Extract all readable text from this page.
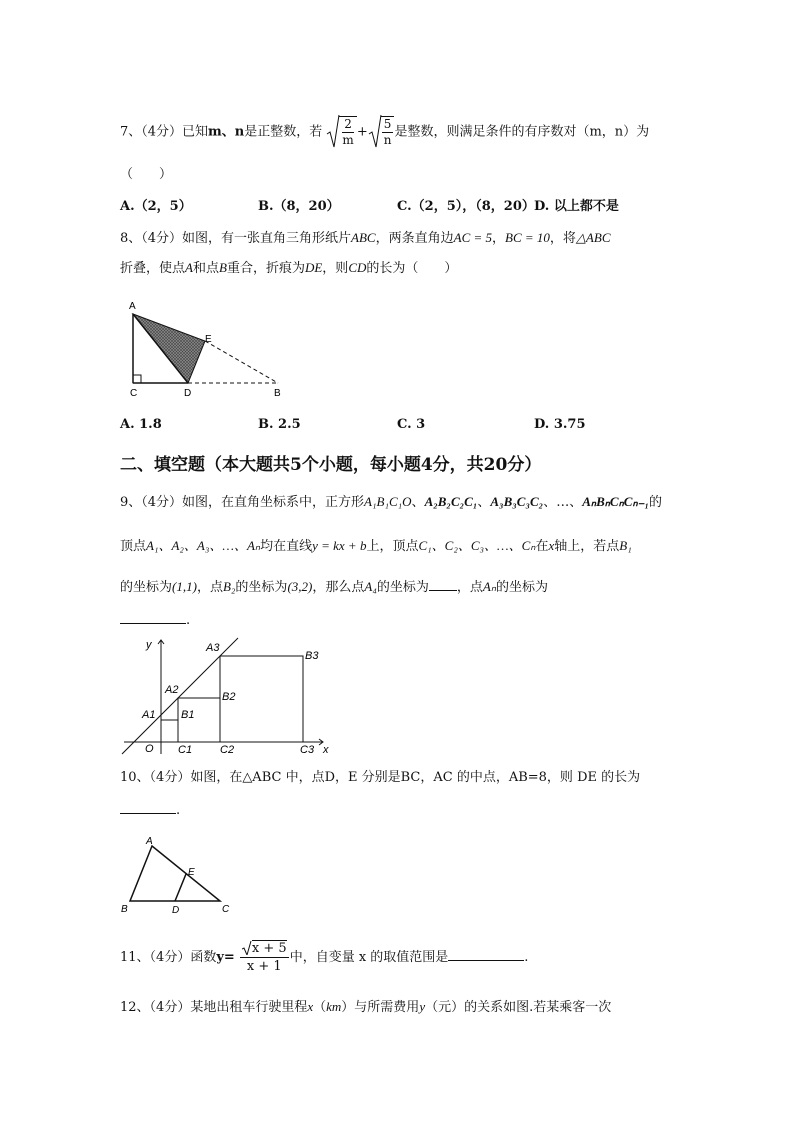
7、（4分）已知m、n是正整数，若 $\frac{2}{m} + \frac{5}{n}$ 是整数，则满足条件的有序数对（m，n）为
（　　）
A.（2，5）	B.（8，20）	C.（2，5），（8，20） D. 以上都不是
8、（4分）如图，有一张直角三角形纸片ABC，两条直角边AC = 5，BC = 10，将△ABC
折叠，使点A和点B重合，折痕为DE，则CD的长为（　　）
A
E
C	D	B
A. 1.8	B. 2.5	C. 3	D. 3.75
二、填空题（本大题共5个小题，每小题4分，共20分）
9、（4分）如图，在直角坐标系中，正方形A₁B₁C₁O、A₂B₂C₂C₁、A₃B₃C₃C₂、…、AₙBₙCₙCₙ₋₁的
顶点A₁、A₂、A₃、…、Aₙ均在直线y = kx + b上，顶点C₁、C₂、C₃、…、Cₙ在x轴上，若点B₁
的坐标为(1,1)，点B₂的坐标为(3,2)，那么点A₄的坐标为 ，点Aₙ的坐标为
.
y
x
O
A1
A2
A3
B1
B2
B3
C1	C2	C3
10、（4分）如图，在△ABC 中，点D，E 分别是BC，AC 的中点，AB=8，则 DE 的长为
.
A
B	C
D
E
11、（4分）函数$y= \frac{x + 5}{x + 1}$ 中，自变量 x 的取值范围是	.
12、（4分）某地出租车行驶里程x（km）与所需费用y（元）的关系如图.若某乘客一次
